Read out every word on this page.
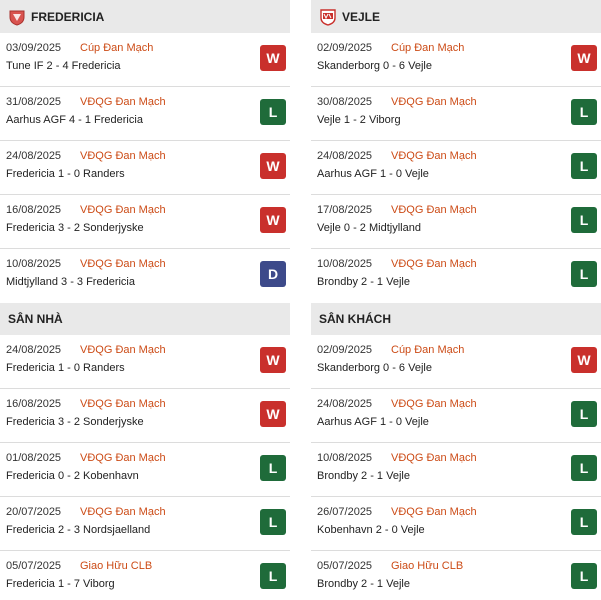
FREDERICIA
03/09/2025 Cúp Đan Mạch
Tune IF 2 - 4 Fredericia	W
31/08/2025 VĐQG Đan Mạch
Aarhus AGF 4 - 1 Fredericia	L
24/08/2025 VĐQG Đan Mạch
Fredericia 1 - 0 Randers	W
16/08/2025 VĐQG Đan Mạch
Fredericia 3 - 2 Sonderjyske	W
10/08/2025 VĐQG Đan Mạch
Midtjylland 3 - 3 Fredericia	D
SÂN NHÀ
24/08/2025 VĐQG Đan Mạch
Fredericia 1 - 0 Randers	W
16/08/2025 VĐQG Đan Mạch
Fredericia 3 - 2 Sonderjyske	W
01/08/2025 VĐQG Đan Mạch
Fredericia 0 - 2 Kobenhavn	L
20/07/2025 VĐQG Đan Mạch
Fredericia 2 - 3 Nordsjaelland	L
05/07/2025 Giao Hữu CLB
Fredericia 1 - 7 Viborg	L
VEJLE
02/09/2025 Cúp Đan Mạch
Skanderborg 0 - 6 Vejle	W
30/08/2025 VĐQG Đan Mạch
Vejle 1 - 2 Viborg	L
24/08/2025 VĐQG Đan Mạch
Aarhus AGF 1 - 0 Vejle	L
17/08/2025 VĐQG Đan Mạch
Vejle 0 - 2 Midtjylland	L
10/08/2025 VĐQG Đan Mạch
Brondby 2 - 1 Vejle	L
SÂN KHÁCH
02/09/2025 Cúp Đan Mạch
Skanderborg 0 - 6 Vejle	W
24/08/2025 VĐQG Đan Mạch
Aarhus AGF 1 - 0 Vejle	L
10/08/2025 VĐQG Đan Mạch
Brondby 2 - 1 Vejle	L
26/07/2025 VĐQG Đan Mạch
Kobenhavn 2 - 0 Vejle	L
05/07/2025 Giao Hữu CLB
Brondby 2 - 1 Vejle	L
